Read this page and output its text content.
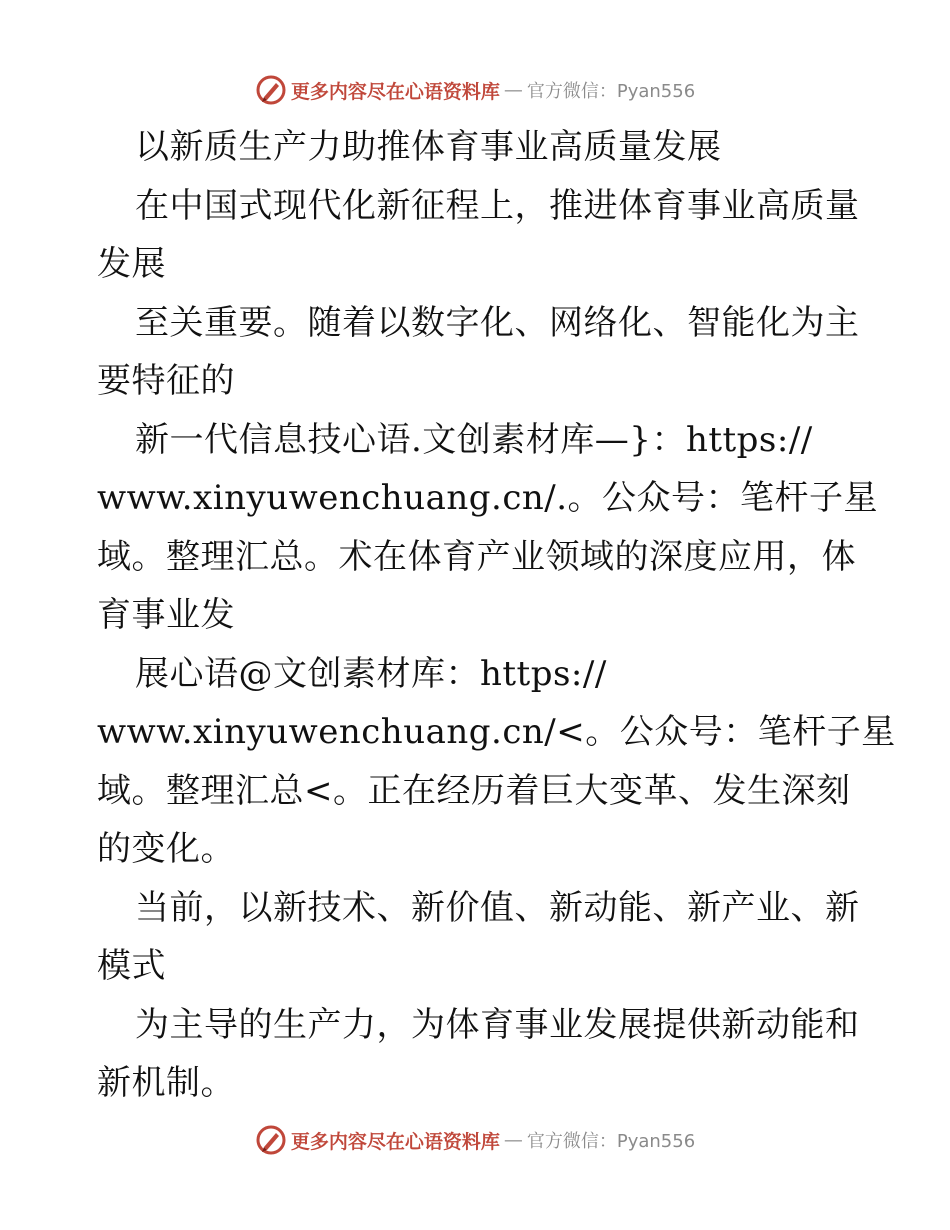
更多内容尽在心语资料库 — 官方微信：Pyan556
以新质生产力助推体育事业高质量发展
在中国式现代化新征程上，推进体育事业高质量
发展
至关重要。随着以数字化、网络化、智能化为主
要特征的
新一代信息技心语.文创素材库—}：https://
www.xinyuwenchuang.cn/.。公众号：笔杆子星
域。整理汇总。术在体育产业领域的深度应用，体
育事业发
展心语@文创素材库：https://
www.xinyuwenchuang.cn/<。公众号：笔杆子星
域。整理汇总<。正在经历着巨大变革、发生深刻
的变化。
当前，以新技术、新价值、新动能、新产业、新
模式
为主导的生产力，为体育事业发展提供新动能和
新机制。
更多内容尽在心语资料库 — 官方微信：Pyan556
